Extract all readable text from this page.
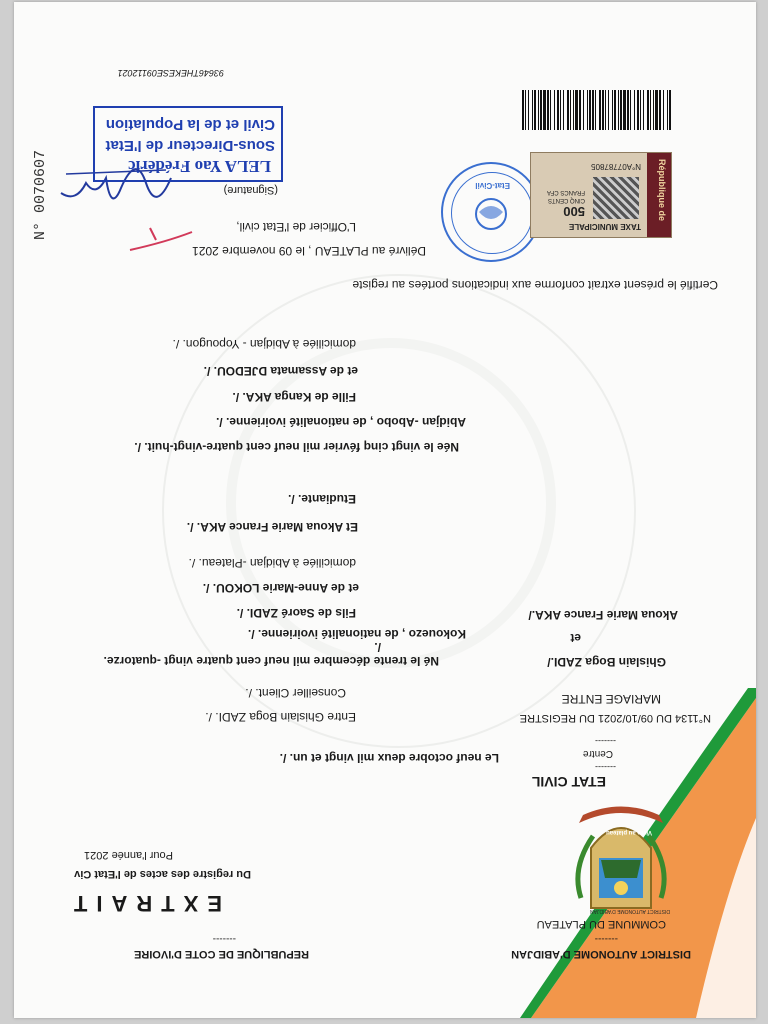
REPUBLIQUE DE COTE D'IVOIRE
-------
DISTRICT AUTONOME D'ABIDJAN
-------
COMMUNE DU PLATEAU
EXTRAIT
Du registre des actes de l'Etat Civ
Pour l'année 2021
Vivre au plateau
DISTRICT AUTONOME D'ABIDJAN
ETAT CIVIL
-------
Centre
-------
Le neuf octobre deux mil vingt et un. /.
N°1134 DU 09/10/2021 DU REGISTRE
Entre Ghislain Boga ZADI. /.
MARIAGE ENTRE
Conseiller Client. /.
Ghislain Boga ZADI./
Né le trente décembre mil neuf cent quatre vingt -quatorze.
/.
et
Kokouezo , de nationalité ivoirienne. /.
Akoua Marie France AKA./
Fils de Saoré ZADI. /.
et de Anne-Marie LOKOU. /.
domiciliée à Abidjan -Plateau. /.
Et Akoua Marie France AKA. /.
Etudiante. /.
Née le vingt cinq février mil neuf cent quatre-vingt-huit. /.
Abidjan -Abobo , de nationalité ivoirienne. /.
Fille de Kanga AKA. /.
et de Assamata DJEDOU. /.
domiciliée à Abidjan - Yopougon. /.
Certifié le présent extrait conforme aux indications portées au registe
Délivré au PLATEAU , le 09 novembre 2021
L'Officier de l'Etat civil,
(Signature)
LELA Yao Frédéric
Sous-Directeur de l'Etat
Civil et de la Population
93646THEKESE09112021
N° 0070607	Etat-Civil	République de
TAXE MUNICIPALE
500
CINQ CENTS
FRANCS CFA
N°A07787805
